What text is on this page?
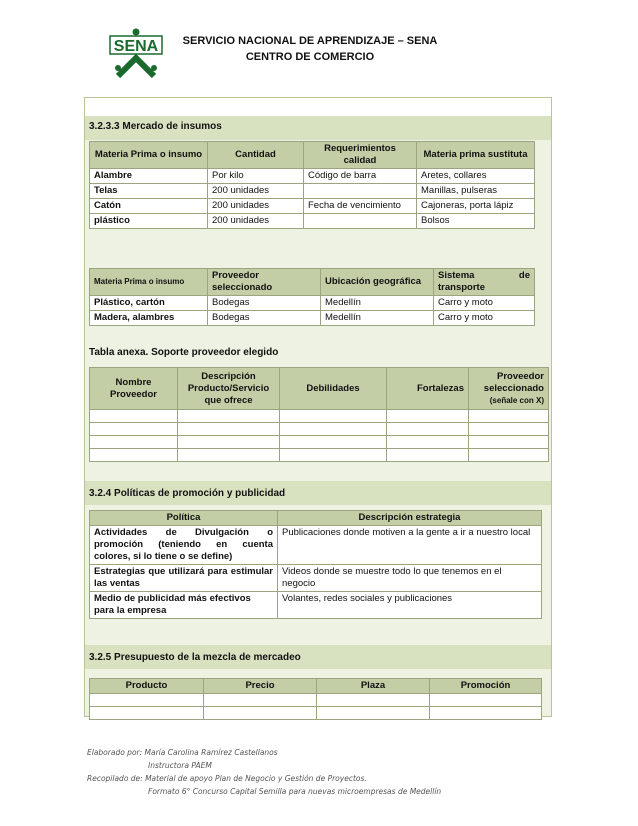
SENA SERVICIO NACIONAL DE APRENDIZAJE – SENA
CENTRO DE COMERCIO
3.2.3.3 Mercado de insumos
Materia Prima o insumo	Cantidad	Requerimientos calidad	Materia prima sustituta
Alambre	Por kilo	Código de barra	Aretes, collares
Telas	200 unidades		Manillas, pulseras
Catón	200 unidades	Fecha de vencimiento	Cajoneras, porta lápiz
plástico	200 unidades		Bolsos
Materia Prima o insumo	Proveedor seleccionado	Ubicación geográfica	Sistema de transporte
Plástico, cartón	Bodegas	Medellín	Carro y moto
Madera, alambres	Bodegas	Medellín	Carro y moto
Tabla anexa. Soporte proveedor elegido
Nombre Proveedor	Descripción Producto/Servicio que ofrece	Debilidades	Fortalezas	Proveedor seleccionado
(señale con X)

3.2.4 Políticas de promoción y publicidad
Política	Descripción estrategia
Actividades de Divulgación o promoción (teniendo en cuenta colores, si lo tiene o se define)	Publicaciones donde motiven a la gente a ir a nuestro local
Estrategias que utilizará para estimular las ventas	Videos donde se muestre todo lo que tenemos en el negocio
Medio de publicidad más efectivos para la empresa	Volantes, redes sociales y publicaciones
3.2.5 Presupuesto de la mezcla de mercadeo
Producto	Precio	Plaza	Promoción

Elaborado por: María Carolina Ramírez Castellanos
Instructora PAEM
Recopilado de: Material de apoyo Plan de Negocio y Gestión de Proyectos.
Formato 6° Concurso Capital Semilla para nuevas microempresas de Medellín
